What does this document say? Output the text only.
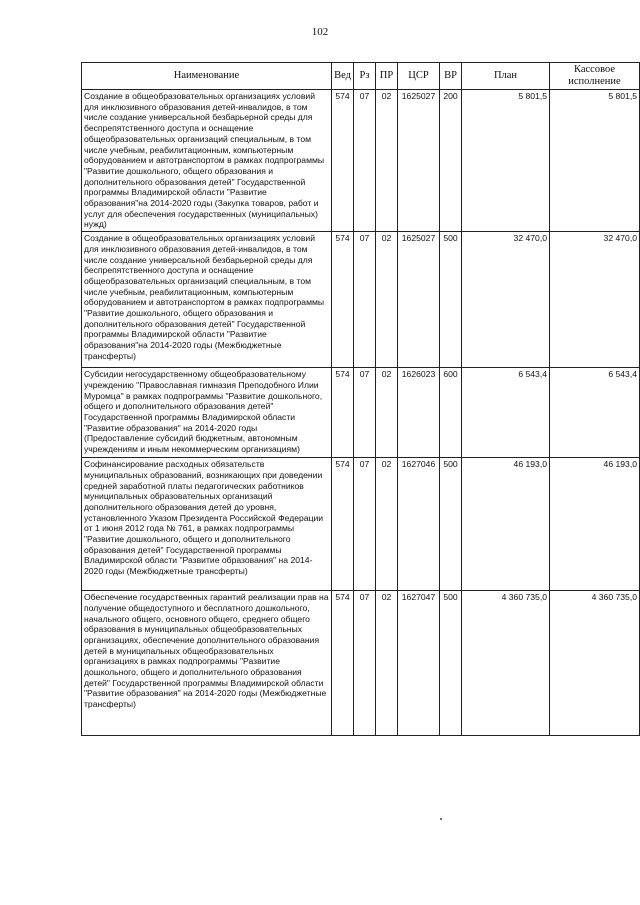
102
Наименование	Вед	Рз	ПР	ЦСР	ВР	План	Кассовое исполнение
Создание в общеобразовательных организациях условий для инклюзивного образования детей-инвалидов, в том числе создание универсальной безбарьерной среды для беспрепятственного доступа и оснащение общеобразовательных организаций специальным, в том числе учебным, реабилитационным, компьютерным оборудованием и автотранспортом в рамках подпрограммы "Развитие дошкольного, общего образования и дополнительного образования детей" Государственной программы Владимирской области "Развитие образования"на 2014-2020 годы (Закупка товаров, работ и услуг для обеспечения государственных (муниципальных) нужд)	574	07	02	1625027	200	5 801,5	5 801,5
Создание в общеобразовательных организациях условий для инклюзивного образования детей-инвалидов, в том числе создание универсальной безбарьерной среды для беспрепятственного доступа и оснащение общеобразовательных организаций специальным, в том числе учебным, реабилитационным, компьютерным оборудованием и автотранспортом в рамках подпрограммы "Развитие дошкольного, общего образования и дополнительного образования детей" Государственной программы Владимирской области "Развитие образования"на 2014-2020 годы (Межбюджетные трансферты)	574	07	02	1625027	500	32 470,0	32 470,0
Субсидии негосударственному общеобразовательному учреждению "Православная гимназия Преподобного Илии Муромца" в рамках подпрограммы "Развитие дошкольного, общего и дополнительного образования детей" Государственной программы Владимирской области "Развитие образования" на 2014-2020 годы (Предоставление субсидий бюджетным, автономным учреждениям и иным некоммерческим организациям)	574	07	02	1626023	600	6 543,4	6 543,4
Софинансирование расходных обязательств муниципальных образований, возникающих при доведении средней заработной платы педагогических работников муниципальных образовательных организаций дополнительного образования детей до уровня, установленного Указом Президента Российской Федерации от 1 июня 2012 года № 761, в рамках подпрограммы "Развитие дошкольного, общего и дополнительного образования детей" Государственной программы Владимирской области "Развитие образования" на 2014-2020 годы (Межбюджетные трансферты)	574	07	02	1627046	500	46 193,0	46 193,0
Обеспечение государственных гарантий реализации прав на получение общедоступного и бесплатного дошкольного, начального общего, основного общего, среднего общего образования в муниципальных общеобразовательных организациях, обеспечение дополнительного образования детей в муниципальных общеобразовательных организациях в рамках подпрограммы "Развитие дошкольного, общего и дополнительного образования детей" Государственной программы Владимирской области "Развитие образования" на 2014-2020 годы (Межбюджетные трансферты)	574	07	02	1627047	500	4 360 735,0	4 360 735,0
